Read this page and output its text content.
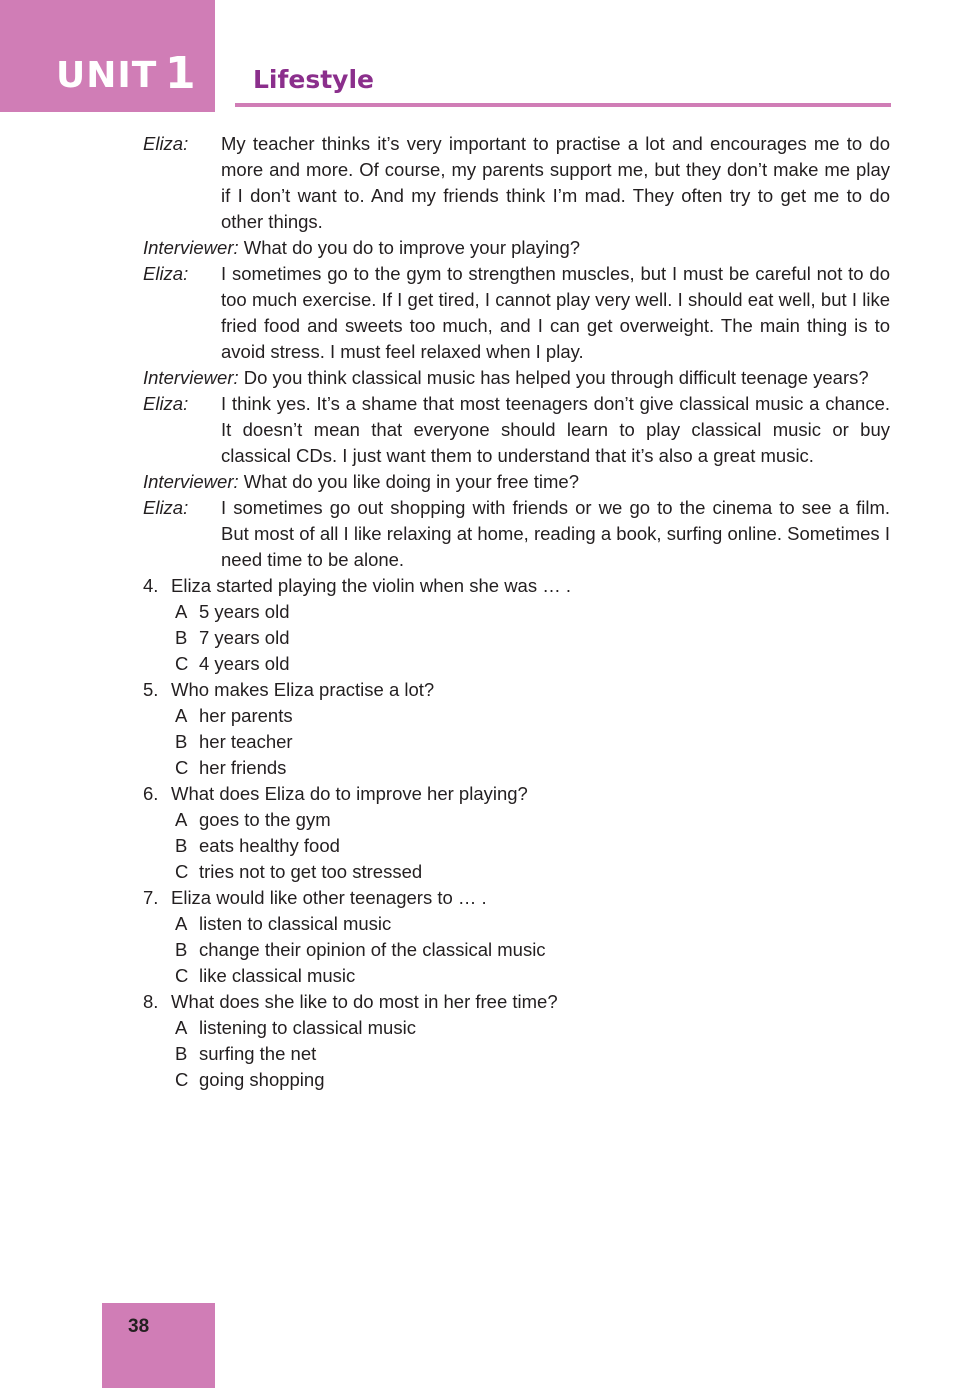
UNIT 1 Lifestyle

Eliza: My teacher thinks it’s very important to practise a lot and encourages me to do more and more. Of course, my parents support me, but they don’t make me play if I don’t want to. And my friends think I’m mad. They often try to get me to do other things.

Interviewer: What do you do to improve your playing?

Eliza: I sometimes go to the gym to strengthen muscles, but I must be careful not to do too much exercise. If I get tired, I cannot play very well. I should eat well, but I like fried food and sweets too much, and I can get overweight. The main thing is to avoid stress. I must feel relaxed when I play.

Interviewer: Do you think classical music has helped you through difficult teenage years?

Eliza: I think yes. It’s a shame that most teenagers don’t give classical music a chance. It doesn’t mean that everyone should learn to play classical music or buy classical CDs. I just want them to understand that it’s also a great music.

Interviewer: What do you like doing in your free time?

Eliza: I sometimes go out shopping with friends or we go to the cinema to see a film. But most of all I like relaxing at home, reading a book, surfing online. Sometimes I need time to be alone.

4. Eliza started playing the violin when she was … .

A 5 years old

B 7 years old

C 4 years old

5. Who makes Eliza practise a lot?

A her parents

B her teacher

C her friends

6. What does Eliza do to improve her playing?

A goes to the gym

B eats healthy food

C tries not to get too stressed

7. Eliza would like other teenagers to … .

A listen to classical music

B change their opinion of the classical music

C like classical music

8. What does she like to do most in her free time?

A listening to classical music

B surfing the net

C going shopping

38
